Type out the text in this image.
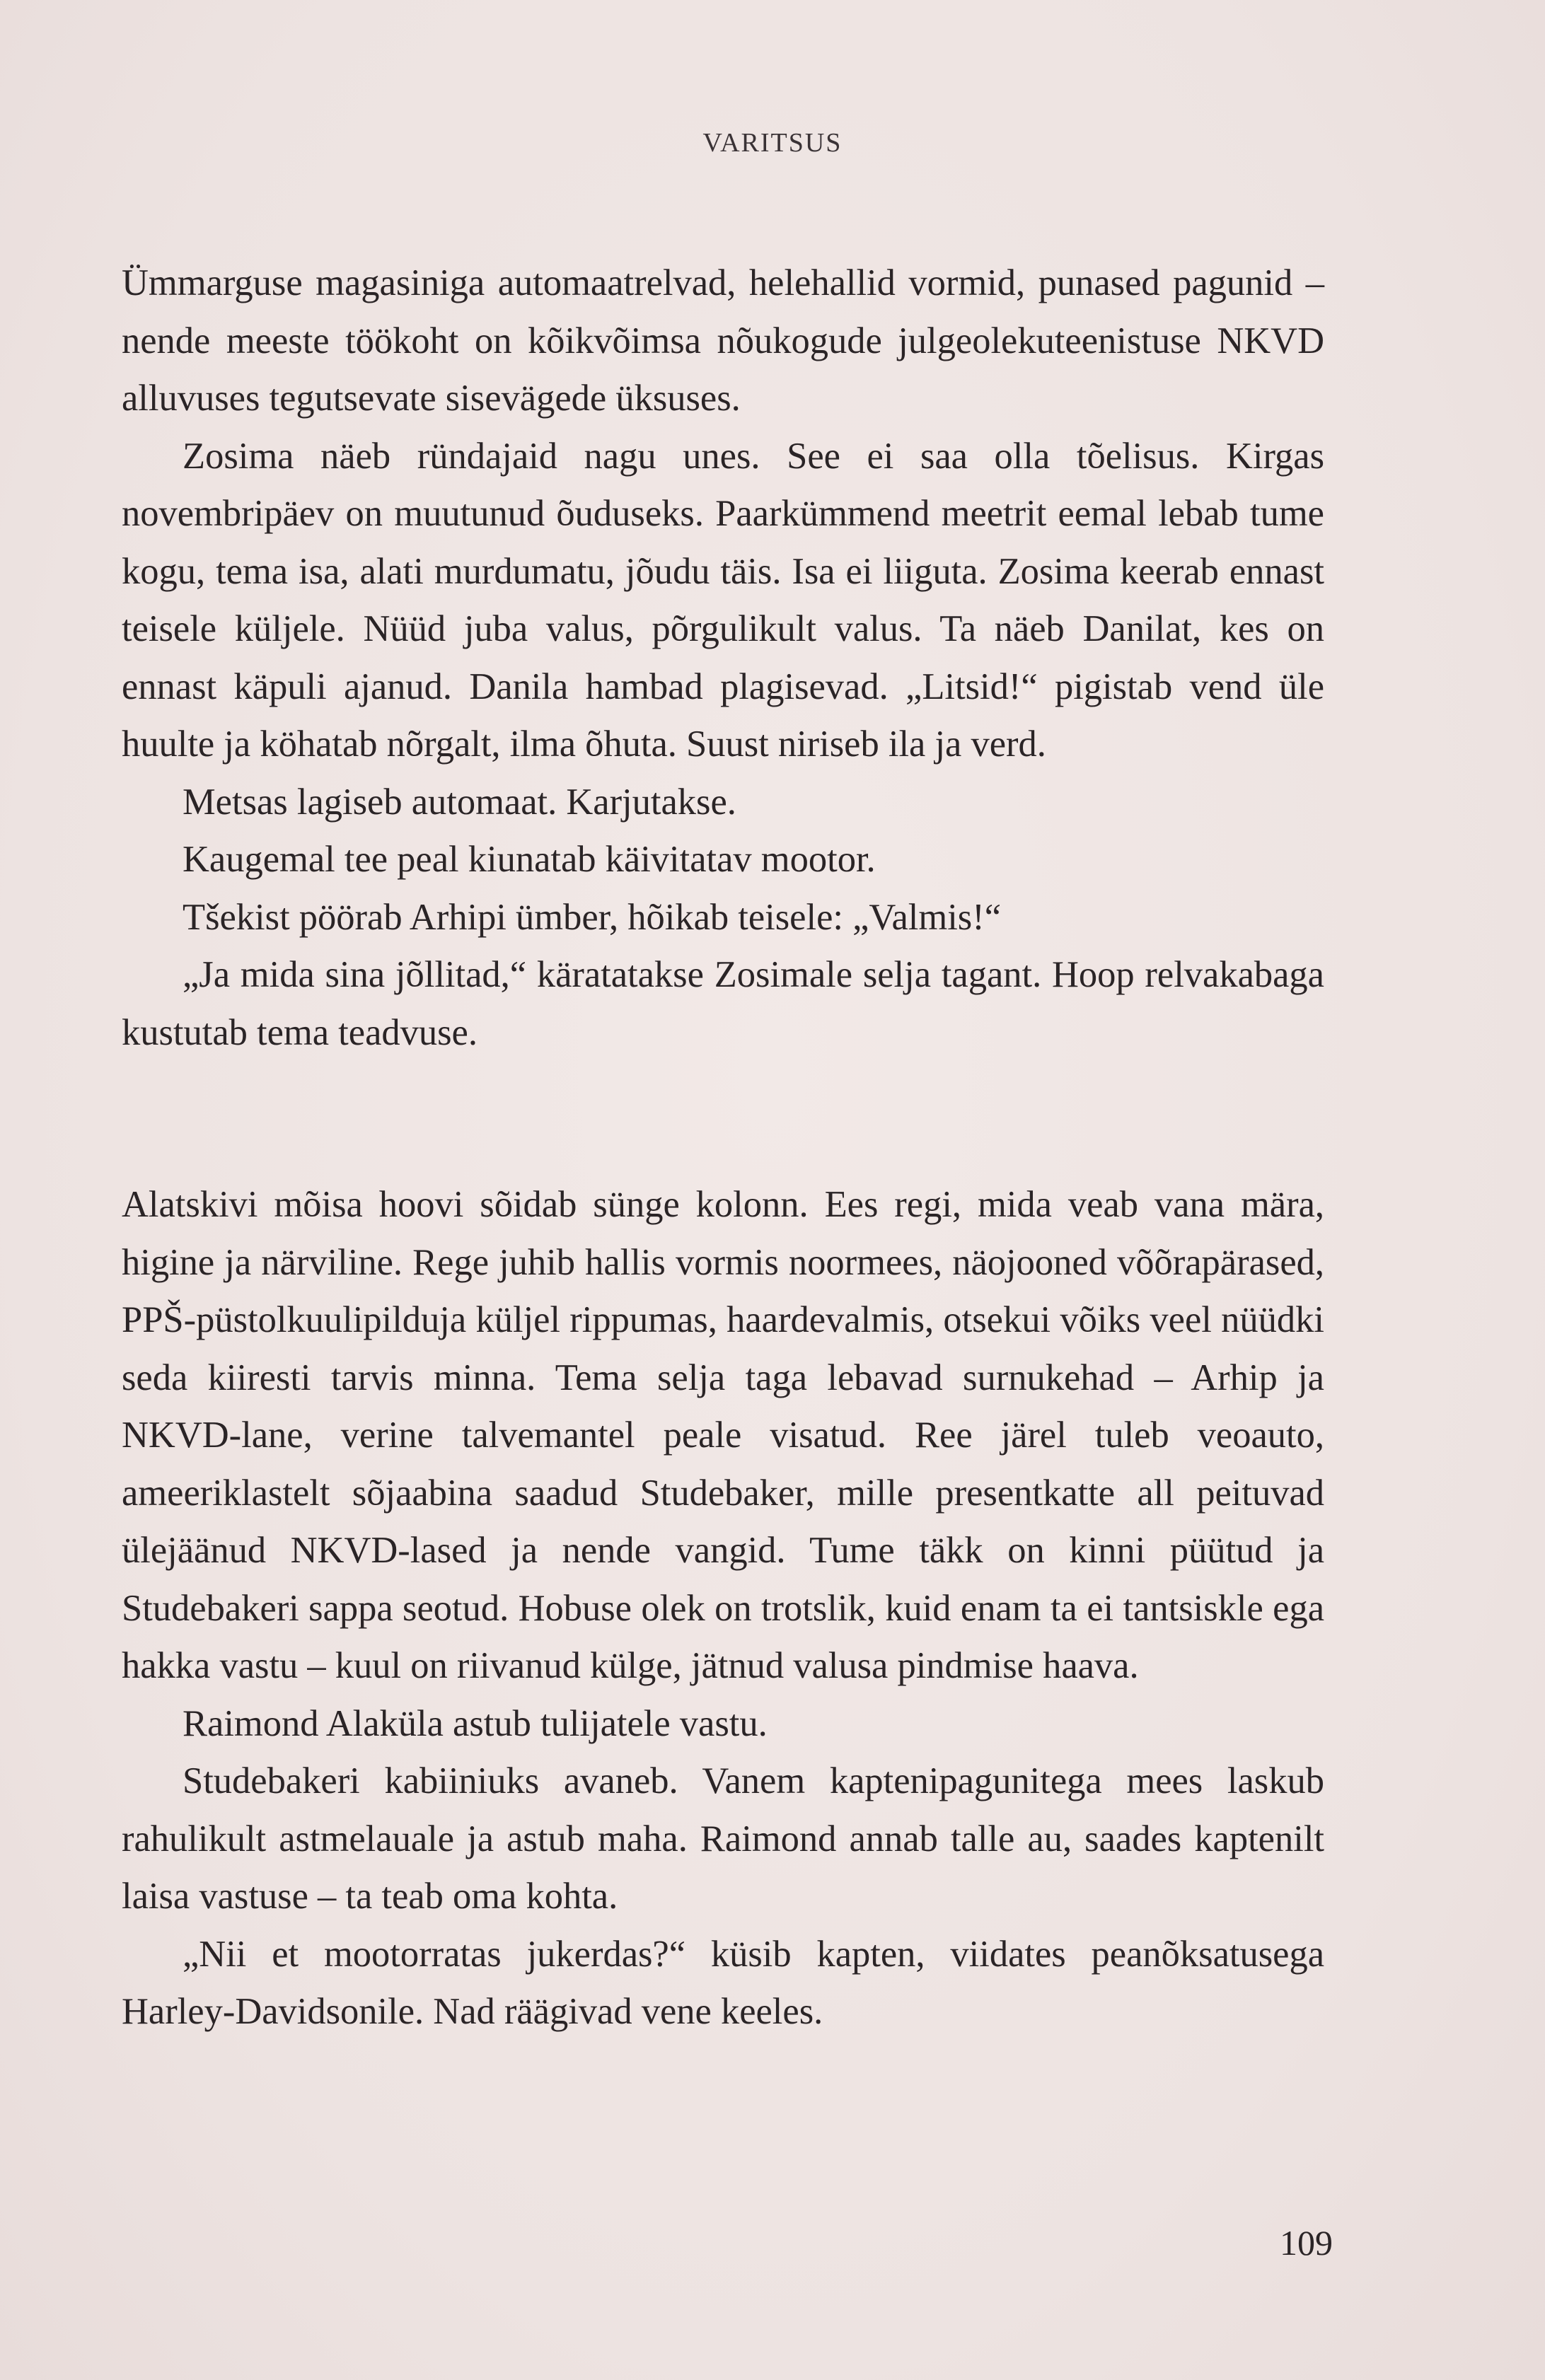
VARITSUS

Ümmarguse magasiniga automaatrelvad, helehallid vormid, punased pagunid – nende meeste töökoht on kõikvõimsa nõukogude julgeolekuteenistuse NKVD alluvuses tegutsevate sisevägede üksuses.

Zosima näeb ründajaid nagu unes. See ei saa olla tõelisus. Kirgas novembripäev on muutunud õuduseks. Paarkümmend meetrit eemal lebab tume kogu, tema isa, alati murdumatu, jõudu täis. Isa ei liiguta. Zosima keerab ennast teisele küljele. Nüüd juba valus, põrgulikult valus. Ta näeb Danilat, kes on ennast käpuli ajanud. Danila hambad plagisevad. „Litsid!“ pigistab vend üle huulte ja köhatab nõrgalt, ilma õhuta. Suust niriseb ila ja verd.

Metsas lagiseb automaat. Karjutakse.

Kaugemal tee peal kiunatab käivitatav mootor.

Tšekist pöörab Arhipi ümber, hõikab teisele: „Valmis!“

„Ja mida sina jõllitad,“ käratatakse Zosimale selja tagant. Hoop relvakabaga kustutab tema teadvuse.

Alatskivi mõisa hoovi sõidab sünge kolonn. Ees regi, mida veab vana mära, higine ja närviline. Rege juhib hallis vormis noormees, näojooned võõrapärased, PPŠ-püstolkuulipilduja küljel rippumas, haardevalmis, otsekui võiks veel nüüdki seda kiiresti tarvis minna. Tema selja taga lebavad surnukehad – Arhip ja NKVD-lane, verine talvemantel peale visatud. Ree järel tuleb veoauto, ameeriklastelt sõjaabina saadud Studebaker, mille presentkatte all peituvad ülejäänud NKVD-lased ja nende vangid. Tume täkk on kinni püütud ja Studebakeri sappa seotud. Hobuse olek on trotslik, kuid enam ta ei tantsiskle ega hakka vastu – kuul on riivanud külge, jätnud valusa pindmise haava.

Raimond Alaküla astub tulijatele vastu.

Studebakeri kabiiniuks avaneb. Vanem kaptenipagunitega mees laskub rahulikult astmelauale ja astub maha. Raimond annab talle au, saades kaptenilt laisa vastuse – ta teab oma kohta.

„Nii et mootorratas jukerdas?“ küsib kapten, viidates peanõksatusega Harley-Davidsonile. Nad räägivad vene keeles.

109
